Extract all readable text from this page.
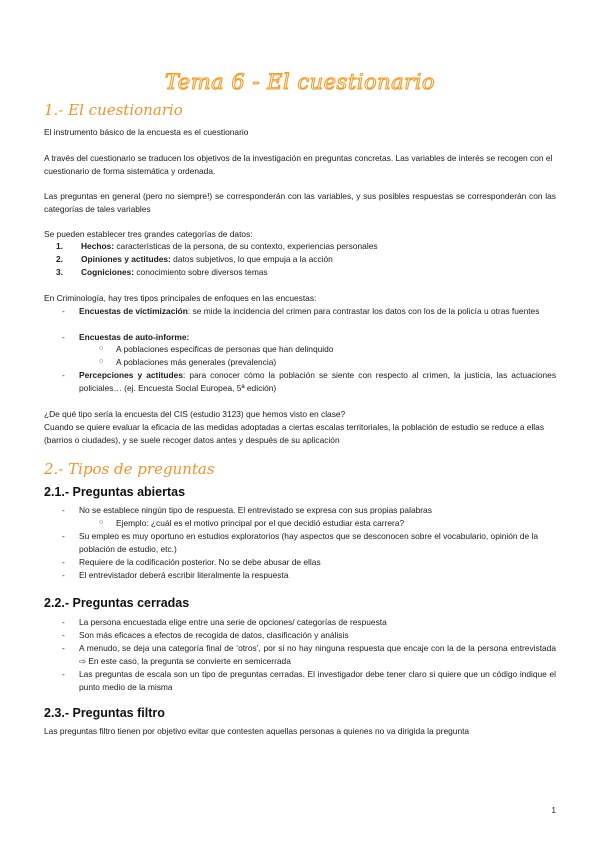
Tema 6 - El cuestionario
1.- El cuestionario

El instrumento básico de la encuesta es el cuestionario

A través del cuestionario se traducen los objetivos de la investigación en preguntas concretas. Las variables de interés se recogen con el cuestionario de forma sistemática y ordenada.

Las preguntas en general (pero no siempre!) se corresponderán con las variables, y sus posibles respuestas se corresponderán con las categorías de tales variables

Se pueden establecer tres grandes categorías de datos:

1.	Hechos: características de la persona, de su contexto, experiencias personales
2.	Opiniones y actitudes: datos subjetivos, lo que empuja a la acción
3.	Cogniciones: conocimiento sobre diversos temas

En Criminología, hay tres tipos principales de enfoques en las encuestas:

- Encuestas de victimización: se mide la incidencia del crimen para contrastar los datos con los de la policía u otras fuentes
- Encuestas de auto-informe:
○ A poblaciones especificas de personas que han delinquido
○ A poblaciones más generales (prevalencia)
- Percepciones y actitudes: para conocer cómo la población se siente con respecto al crimen, la justicia, las actuaciones policiales… (ej. Encuesta Social Europea, 5ª edición)

¿De qué tipo sería la encuesta del CIS (estudio 3123) que hemos visto en clase?

Cuando se quiere evaluar la eficacia de las medidas adoptadas a ciertas escalas territoriales, la población de estudio se reduce a ellas (barrios o ciudades), y se suele recoger datos antes y después de su aplicación

2.- Tipos de preguntas
2.1.- Preguntas abiertas
- No se establece ningún tipo de respuesta. El entrevistado se expresa con sus propias palabras
○ Ejemplo: ¿cuál es el motivo principal por el que decidió estudiar esta carrera?
- Su empleo es muy oportuno en estudios exploratorios (hay aspectos que se desconocen sobre el vocabulario, opinión de la población de estudio, etc.)
- Requiere de la codificación posterior. No se debe abusar de ellas
- El entrevistador deberá escribir literalmente la respuesta
2.2.- Preguntas cerradas
- La persona encuestada elige entre una serie de opciones/ categorías de respuesta
- Son más eficaces a efectos de recogida de datos, clasificación y análisis
- A menudo, se deja una categoría final de ‘otros’, por si no hay ninguna respuesta que encaje con la de la persona entrevistada ⇨ En este caso, la pregunta se convierte en semicerrada
- Las preguntas de escala son un tipo de preguntas cerradas. El investigador debe tener claro si quiere que un código indique el punto medio de la misma
2.3.- Preguntas filtro

Las preguntas filtro tienen por objetivo evitar que contesten aquellas personas a quienes no va dirigida la pregunta

1
